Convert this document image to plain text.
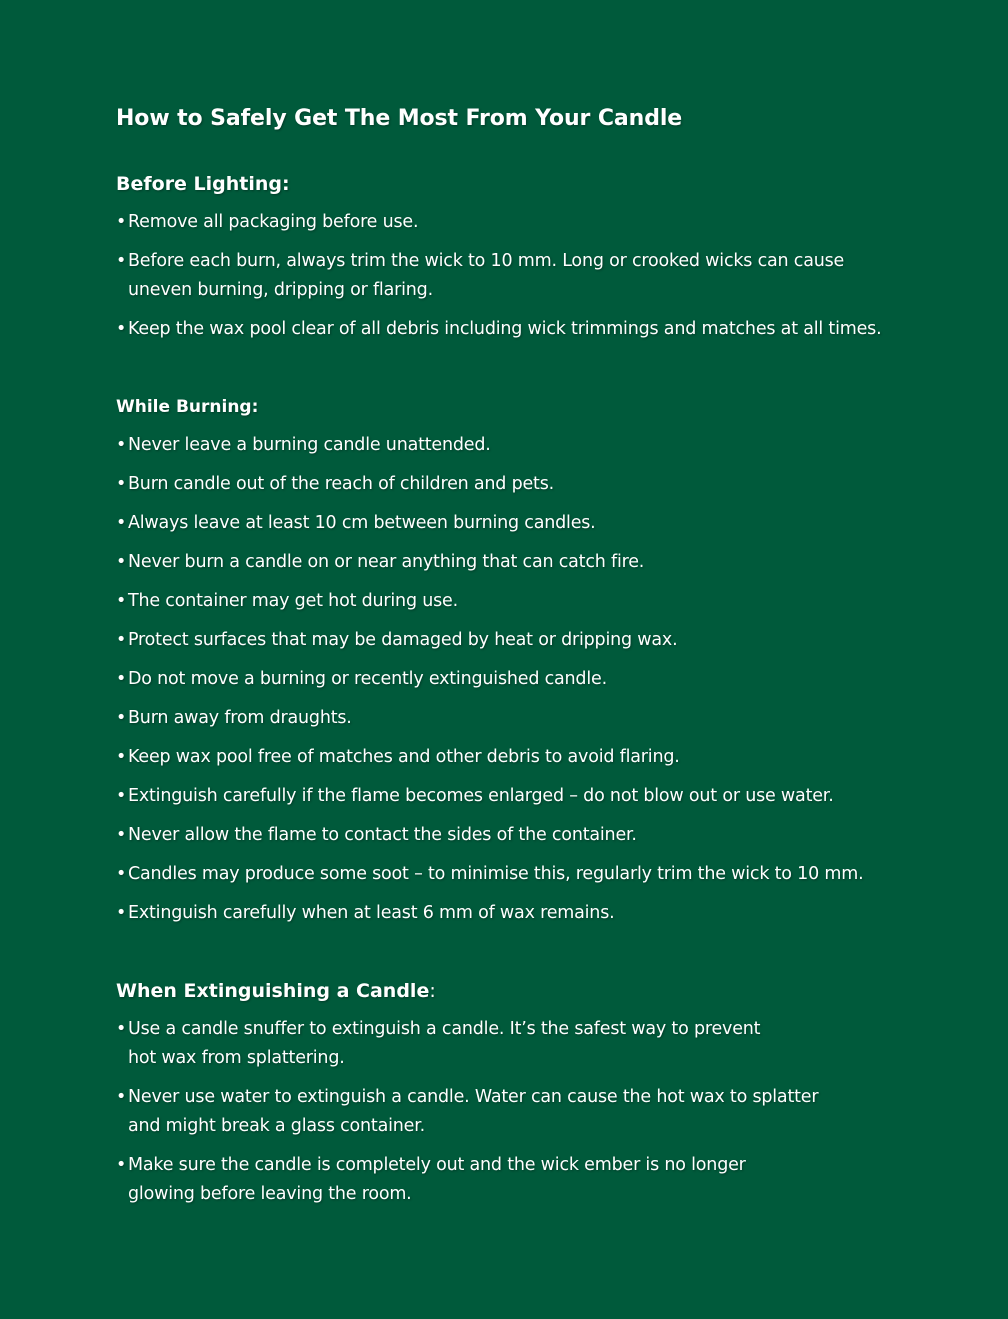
How to Safely Get The Most From Your Candle
Before Lighting:
• Remove all packaging before use.
• Before each burn, always trim the wick to 10 mm. Long or crooked wicks can cause uneven burning, dripping or flaring.
• Keep the wax pool clear of all debris including wick trimmings and matches at all times.
While Burning:
• Never leave a burning candle unattended.
• Burn candle out of the reach of children and pets.
• Always leave at least 10 cm between burning candles.
• Never burn a candle on or near anything that can catch fire.
• The container may get hot during use.
• Protect surfaces that may be damaged by heat or dripping wax.
• Do not move a burning or recently extinguished candle.
• Burn away from draughts.
• Keep wax pool free of matches and other debris to avoid flaring.
• Extinguish carefully if the flame becomes enlarged – do not blow out or use water.
• Never allow the flame to contact the sides of the container.
• Candles may produce some soot – to minimise this, regularly trim the wick to 10 mm.
• Extinguish carefully when at least 6 mm of wax remains.
When Extinguishing a Candle:
• Use a candle snuffer to extinguish a candle. It’s the safest way to prevent hot wax from splattering.
• Never use water to extinguish a candle. Water can cause the hot wax to splatter and might break a glass container.
• Make sure the candle is completely out and the wick ember is no longer glowing before leaving the room.
